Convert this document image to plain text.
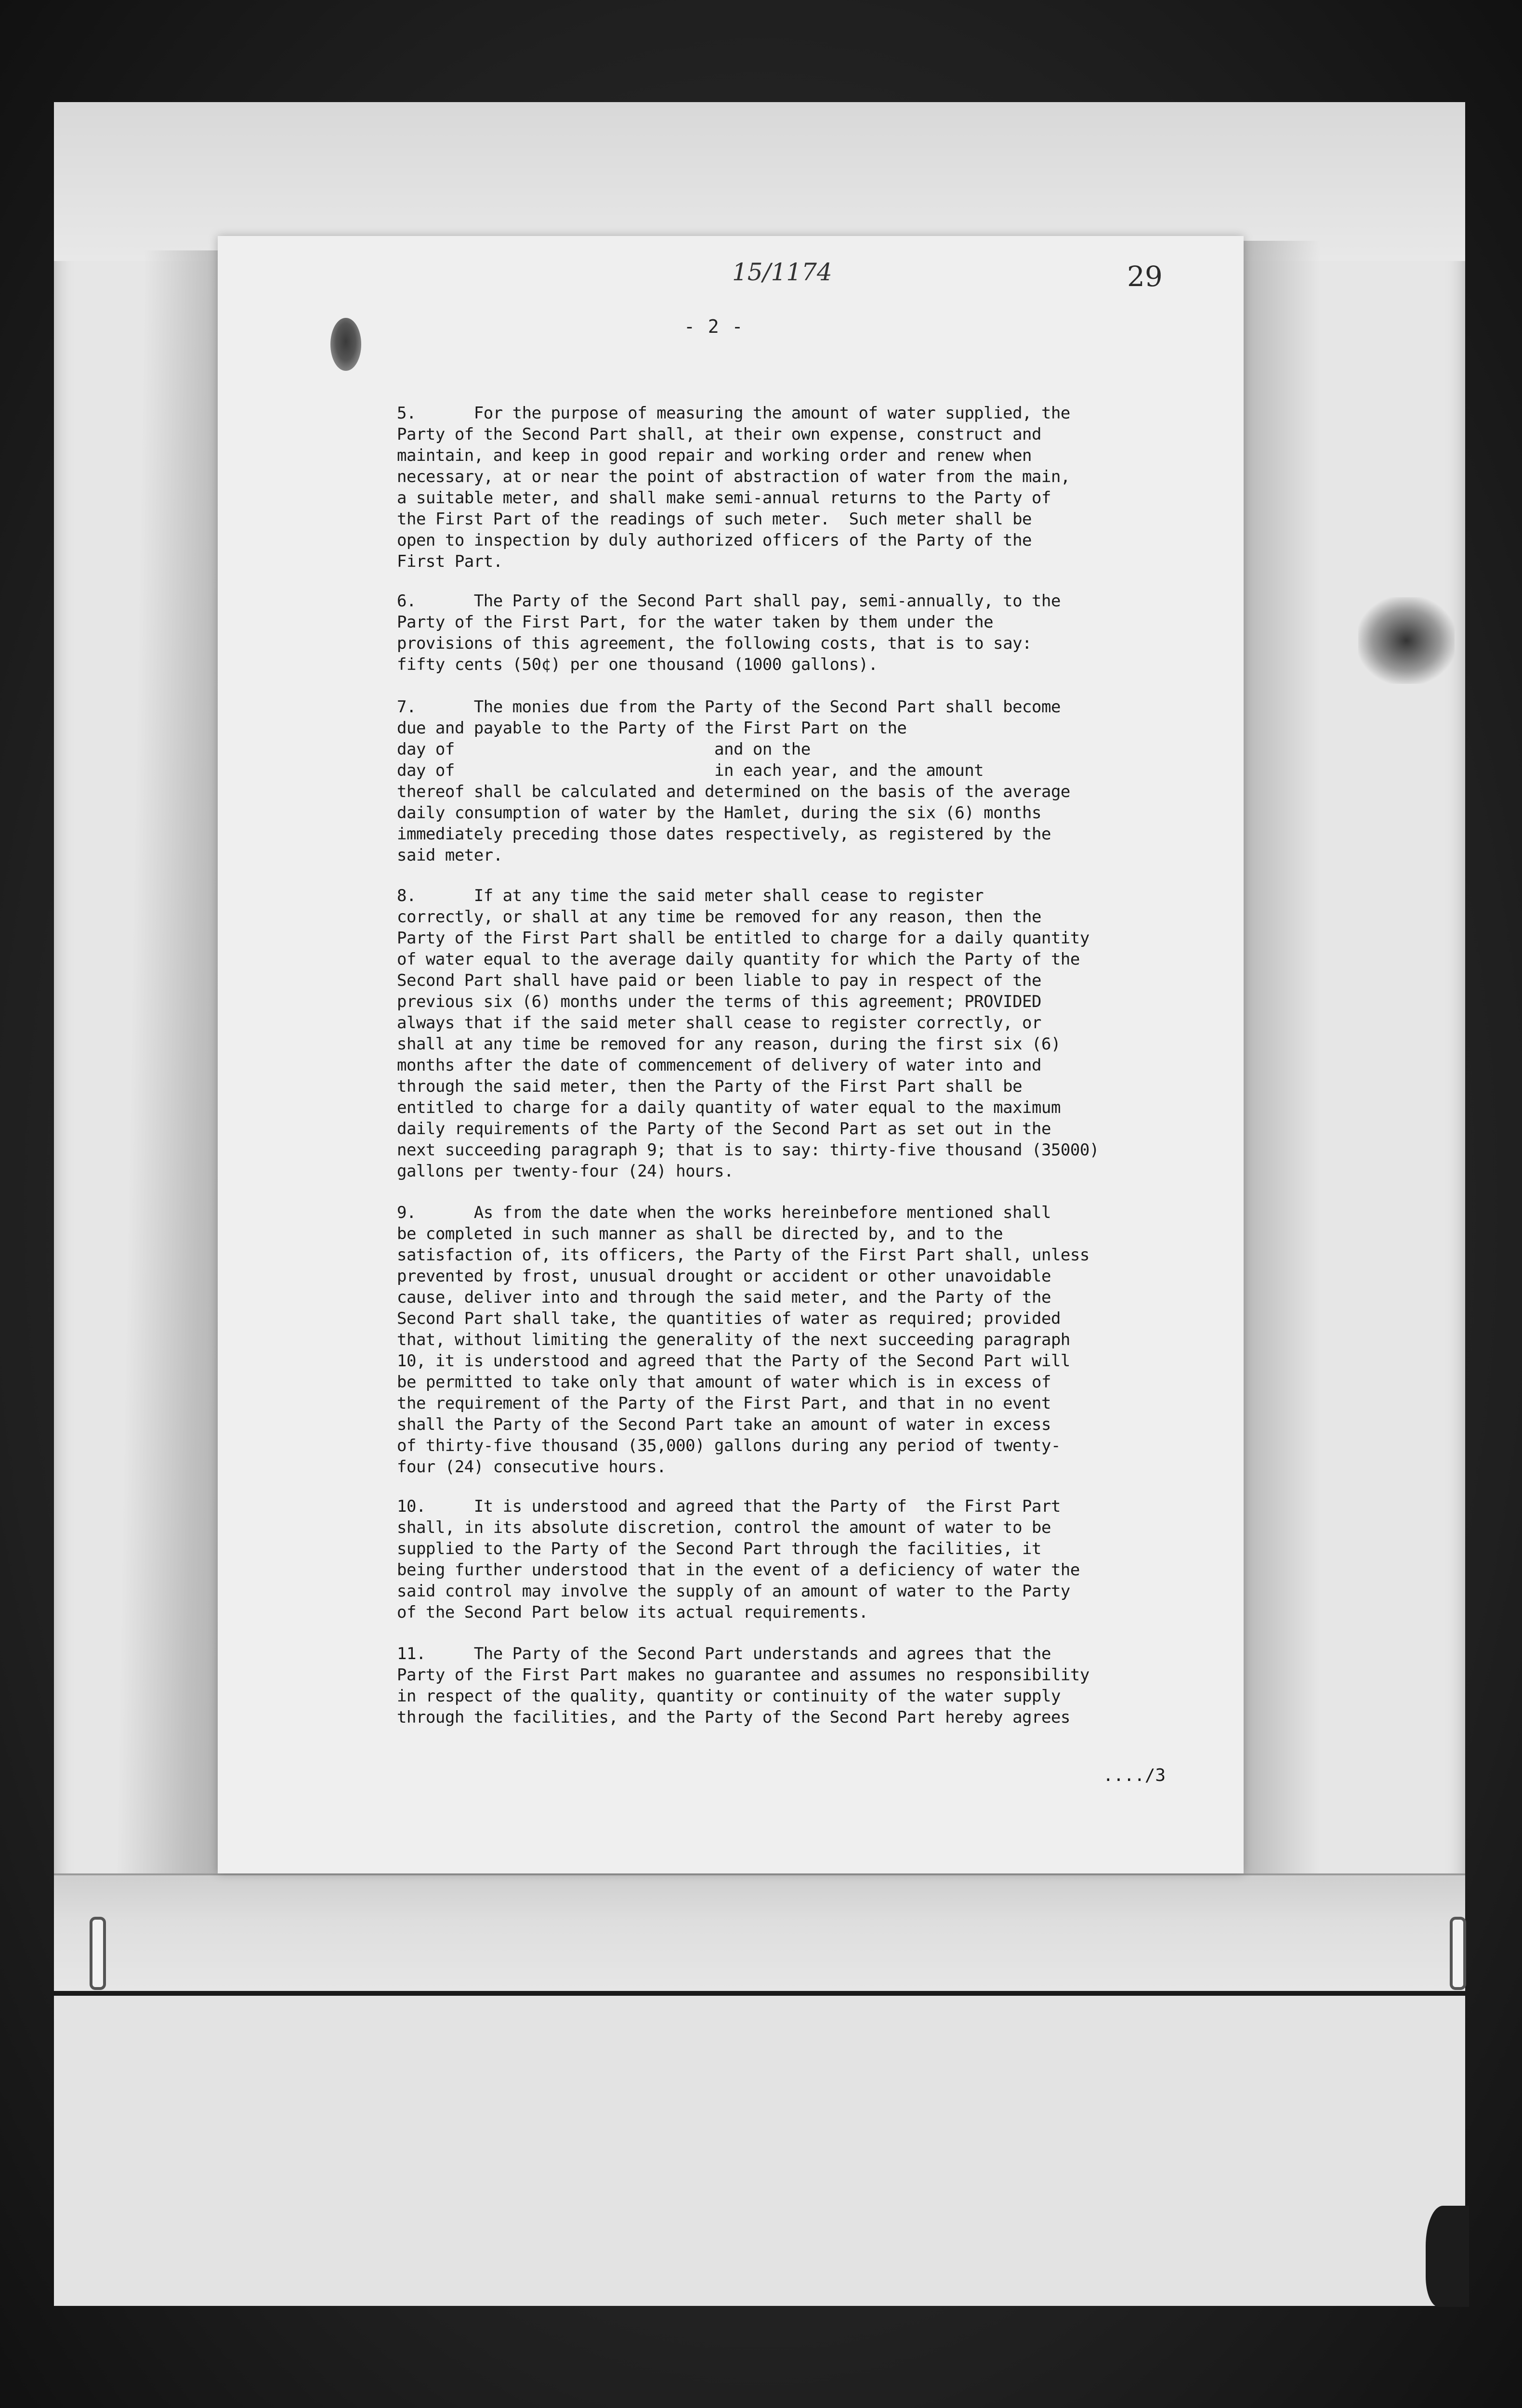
15/1174	29
- 2 -
5.      For the purpose of measuring the amount of water supplied, the
Party of the Second Part shall, at their own expense, construct and
maintain, and keep in good repair and working order and renew when
necessary, at or near the point of abstraction of water from the main,
a suitable meter, and shall make semi-annual returns to the Party of
the First Part of the readings of such meter.  Such meter shall be
open to inspection by duly authorized officers of the Party of the
First Part.
6.      The Party of the Second Part shall pay, semi-annually, to the
Party of the First Part, for the water taken by them under the
provisions of this agreement, the following costs, that is to say:
fifty cents (50¢) per one thousand (1000 gallons).
7.      The monies due from the Party of the Second Part shall become
due and payable to the Party of the First Part on the
day of                           and on the
day of                           in each year, and the amount
thereof shall be calculated and determined on the basis of the average
daily consumption of water by the Hamlet, during the six (6) months
immediately preceding those dates respectively, as registered by the
said meter.
8.      If at any time the said meter shall cease to register
correctly, or shall at any time be removed for any reason, then the
Party of the First Part shall be entitled to charge for a daily quantity
of water equal to the average daily quantity for which the Party of the
Second Part shall have paid or been liable to pay in respect of the
previous six (6) months under the terms of this agreement; PROVIDED
always that if the said meter shall cease to register correctly, or
shall at any time be removed for any reason, during the first six (6)
months after the date of commencement of delivery of water into and
through the said meter, then the Party of the First Part shall be
entitled to charge for a daily quantity of water equal to the maximum
daily requirements of the Party of the Second Part as set out in the
next succeeding paragraph 9; that is to say: thirty-five thousand (35000)
gallons per twenty-four (24) hours.
9.      As from the date when the works hereinbefore mentioned shall
be completed in such manner as shall be directed by, and to the
satisfaction of, its officers, the Party of the First Part shall, unless
prevented by frost, unusual drought or accident or other unavoidable
cause, deliver into and through the said meter, and the Party of the
Second Part shall take, the quantities of water as required; provided
that, without limiting the generality of the next succeeding paragraph
10, it is understood and agreed that the Party of the Second Part will
be permitted to take only that amount of water which is in excess of
the requirement of the Party of the First Part, and that in no event
shall the Party of the Second Part take an amount of water in excess
of thirty-five thousand (35,000) gallons during any period of twenty-
four (24) consecutive hours.
10.     It is understood and agreed that the Party of  the First Part
shall, in its absolute discretion, control the amount of water to be
supplied to the Party of the Second Part through the facilities, it
being further understood that in the event of a deficiency of water the
said control may involve the supply of an amount of water to the Party
of the Second Part below its actual requirements.
11.     The Party of the Second Part understands and agrees that the
Party of the First Part makes no guarantee and assumes no responsibility
in respect of the quality, quantity or continuity of the water supply
through the facilities, and the Party of the Second Part hereby agrees
..../3
